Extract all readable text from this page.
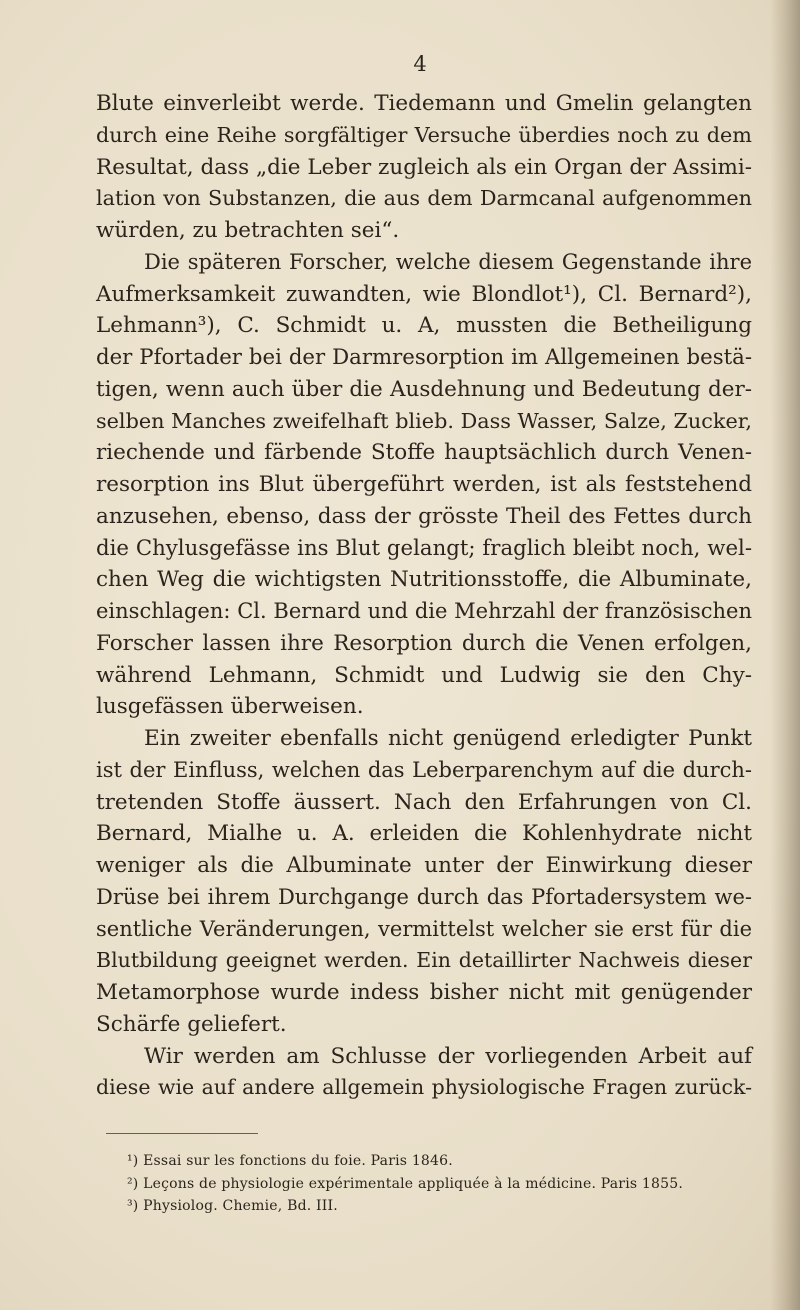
4
Blute einverleibt werde. Tiedemann und Gmelin gelangten
durch eine Reihe sorgfältiger Versuche überdies noch zu dem
Resultat, dass „die Leber zugleich als ein Organ der Assimi-
lation von Substanzen, die aus dem Darmcanal aufgenommen
würden, zu betrachten sei“.
Die späteren Forscher, welche diesem Gegenstande ihre
Aufmerksamkeit zuwandten, wie Blondlot¹), Cl. Bernard²),
Lehmann³), C. Schmidt u. A, mussten die Betheiligung
der Pfortader bei der Darmresorption im Allgemeinen bestä-
tigen, wenn auch über die Ausdehnung und Bedeutung der-
selben Manches zweifelhaft blieb. Dass Wasser, Salze, Zucker,
riechende und färbende Stoffe hauptsächlich durch Venen-
resorption ins Blut übergeführt werden, ist als feststehend
anzusehen, ebenso, dass der grösste Theil des Fettes durch
die Chylusgefässe ins Blut gelangt; fraglich bleibt noch, wel-
chen Weg die wichtigsten Nutritionsstoffe, die Albuminate,
einschlagen: Cl. Bernard und die Mehrzahl der französischen
Forscher lassen ihre Resorption durch die Venen erfolgen,
während Lehmann, Schmidt und Ludwig sie den Chy-
lusgefässen überweisen.
Ein zweiter ebenfalls nicht genügend erledigter Punkt
ist der Einfluss, welchen das Leberparenchym auf die durch-
tretenden Stoffe äussert. Nach den Erfahrungen von Cl.
Bernard, Mialhe u. A. erleiden die Kohlenhydrate nicht
weniger als die Albuminate unter der Einwirkung dieser
Drüse bei ihrem Durchgange durch das Pfortadersystem we-
sentliche Veränderungen, vermittelst welcher sie erst für die
Blutbildung geeignet werden. Ein detaillirter Nachweis dieser
Metamorphose wurde indess bisher nicht mit genügender
Schärfe geliefert.
Wir werden am Schlusse der vorliegenden Arbeit auf
diese wie auf andere allgemein physiologische Fragen zurück-
¹) Essai sur les fonctions du foie. Paris 1846.
²) Leçons de physiologie expérimentale appliquée à la médicine. Paris 1855.
³) Physiolog. Chemie, Bd. III.
